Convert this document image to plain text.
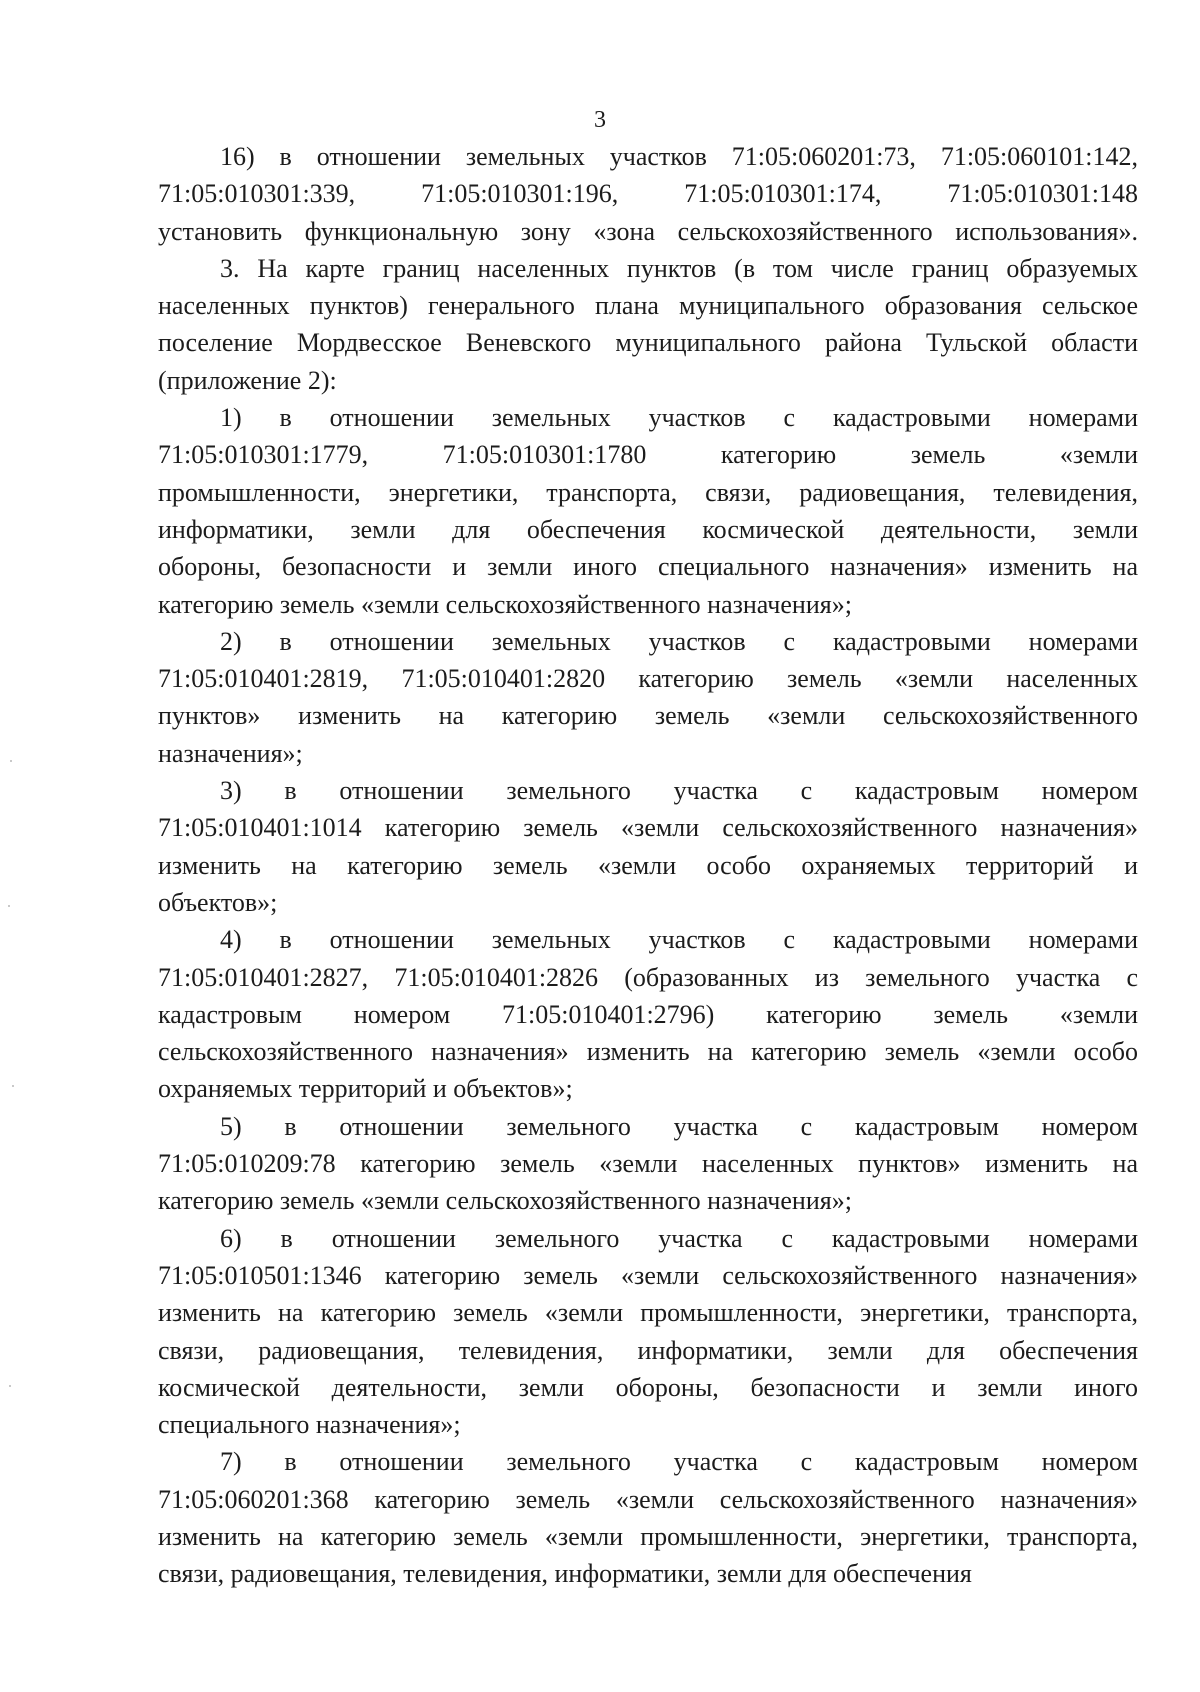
3
16) в отношении земельных участков 71:05:060201:73, 71:05:060101:142,
71:05:010301:339, 71:05:010301:196, 71:05:010301:174, 71:05:010301:148
установить функциональную зону «зона сельскохозяйственного использования».
3. На карте границ населенных пунктов (в том числе границ образуемых
населенных пунктов) генерального плана муниципального образования сельское
поселение Мордвесское Веневского муниципального района Тульской области
(приложение 2):
1) в отношении земельных участков с кадастровыми номерами
71:05:010301:1779, 71:05:010301:1780 категорию земель «земли
промышленности, энергетики, транспорта, связи, радиовещания, телевидения,
информатики, земли для обеспечения космической деятельности, земли
обороны, безопасности и земли иного специального назначения» изменить на
категорию земель «земли сельскохозяйственного назначения»;
2) в отношении земельных участков с кадастровыми номерами
71:05:010401:2819, 71:05:010401:2820 категорию земель «земли населенных
пунктов» изменить на категорию земель «земли сельскохозяйственного
назначения»;
3) в отношении земельного участка с кадастровым номером
71:05:010401:1014 категорию земель «земли сельскохозяйственного назначения»
изменить на категорию земель «земли особо охраняемых территорий и
объектов»;
4) в отношении земельных участков с кадастровыми номерами
71:05:010401:2827, 71:05:010401:2826 (образованных из земельного участка с
кадастровым номером 71:05:010401:2796) категорию земель «земли
сельскохозяйственного назначения» изменить на категорию земель «земли особо
охраняемых территорий и объектов»;
5) в отношении земельного участка с кадастровым номером
71:05:010209:78 категорию земель «земли населенных пунктов» изменить на
категорию земель «земли сельскохозяйственного назначения»;
6) в отношении земельного участка с кадастровыми номерами
71:05:010501:1346 категорию земель «земли сельскохозяйственного назначения»
изменить на категорию земель «земли промышленности, энергетики, транспорта,
связи, радиовещания, телевидения, информатики, земли для обеспечения
космической деятельности, земли обороны, безопасности и земли иного
специального назначения»;
7) в отношении земельного участка с кадастровым номером
71:05:060201:368 категорию земель «земли сельскохозяйственного назначения»
изменить на категорию земель «земли промышленности, энергетики, транспорта,
связи, радиовещания, телевидения, информатики, земли для обеспечения
